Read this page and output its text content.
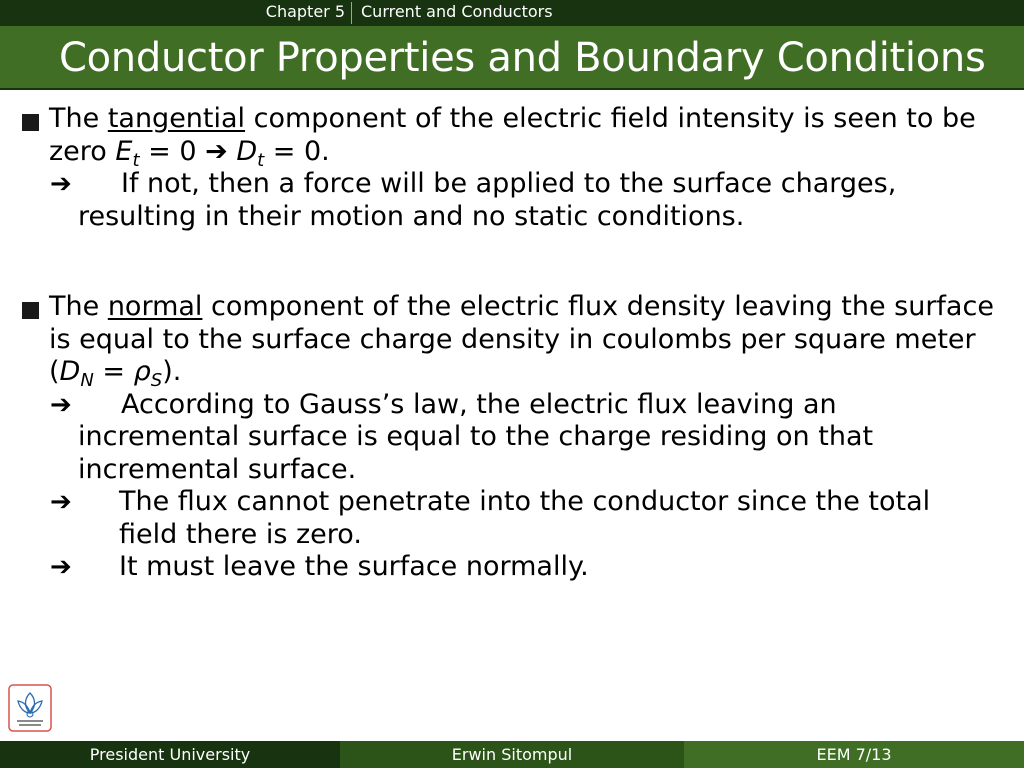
Chapter 5 Current and Conductors
Conductor Properties and Boundary Conditions
The tangential component of the electric field intensity is seen to be zero $E_t = 0$ ➔ $D_t = 0$.
➔ If not, then a force will be applied to the surface charges, resulting in their motion and no static conditions.
The normal component of the electric flux density leaving the surface is equal to the surface charge density in coulombs per square meter $(D_N = \rho_S)$.
➔ According to Gauss’s law, the electric flux leaving an incremental surface is equal to the charge residing on that incremental surface.
➔	The flux cannot penetrate into the conductor since the total field there is zero.
➔	It must leave the surface normally.
President University	Erwin Sitompul	EEM 7/13
